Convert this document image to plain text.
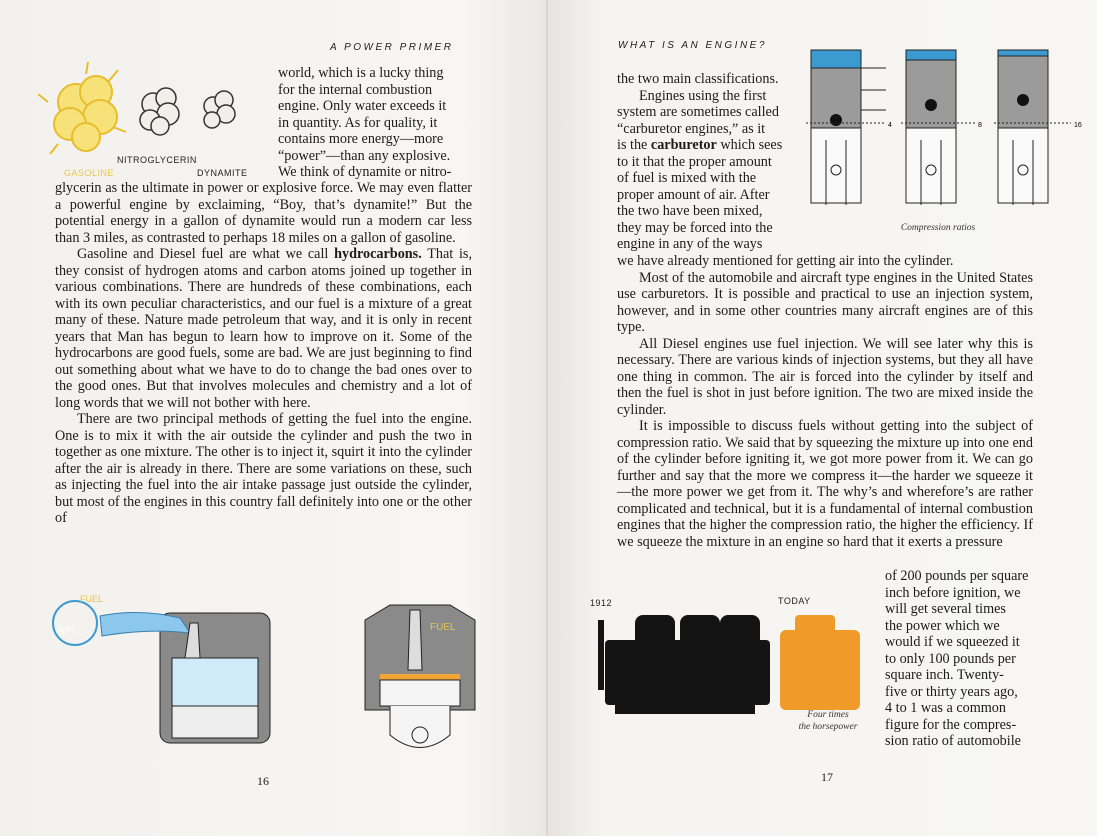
A POWER PRIMER
NITROGLYCERIN
GASOLINE	DYNAMITE

world, which is a lucky thing

for the internal combustion

engine. Only water exceeds it

in quantity. As for quality, it

contains more energy—more

“power”—than any explosive.

We think of dynamite or nitro-

glycerin as the ultimate in power or explosive force. We may even flatter a powerful engine by exclaiming, “Boy, that’s dynamite!” But the potential energy in a gallon of dynamite would run a modern car less than 3 miles, as contrasted to perhaps 18 miles on a gallon of gasoline.

Gasoline and Diesel fuel are what we call hydrocarbons. That is, they consist of hydrogen atoms and carbon atoms joined up together in various combinations. There are hundreds of these combinations, each with its own peculiar characteristics, and our fuel is a mixture of a great many of these. Nature made petroleum that way, and it is only in recent years that Man has begun to learn how to improve on it. Some of the hydrocarbons are good fuels, some are bad. We are just beginning to find out something about what we have to do to change the bad ones over to the good ones. But that involves molecules and chemistry and a lot of long words that we will not bother with here.

There are two principal methods of getting the fuel into the engine. One is to mix it with the air outside the cylinder and push the two in together as one mixture. The other is to inject it, squirt it into the cylinder after the air is already in there. There are some variations on these, such as injecting the fuel into the air intake passage just outside the cylinder, but most of the engines in this country fall definitely into one or the other of

AIR
FUEL
FUEL
16
WHAT IS AN ENGINE?

the two main classifications.

Engines using the first

system are sometimes called

“carburetor engines,” as it

is the carburetor which sees

to it that the proper amount

of fuel is mixed with the

proper amount of air. After

the two have been mixed,

they may be forced into the

engine in any of the ways

4	8	16
Compression ratios

we have already mentioned for getting air into the cylinder.

Most of the automobile and aircraft type engines in the United States use carburetors. It is possible and practical to use an injection system, however, and in some other countries many aircraft engines are of this type.

All Diesel engines use fuel injection. We will see later why this is necessary. There are various kinds of injection systems, but they all have one thing in common. The air is forced into the cylinder by itself and then the fuel is shot in just before ignition. The two are mixed inside the cylinder.

It is impossible to discuss fuels without getting into the subject of compression ratio. We said that by squeezing the mixture up into one end of the cylinder before igniting it, we got more power from it. We can go further and say that the more we compress it—the harder we squeeze it—the more power we get from it. The why’s and wherefore’s are rather complicated and technical, but it is a fundamental of internal combustion engines that the higher the compression ratio, the higher the efficiency. If we squeeze the mixture in an engine so hard that it exerts a pressure

of 200 pounds per square

inch before ignition, we

will get several times

the power which we

would if we squeezed it

to only 100 pounds per

square inch. Twenty-

five or thirty years ago,

4 to 1 was a common

figure for the compres-

sion ratio of automobile

1912	TODAY
Four times
the horsepower
17
